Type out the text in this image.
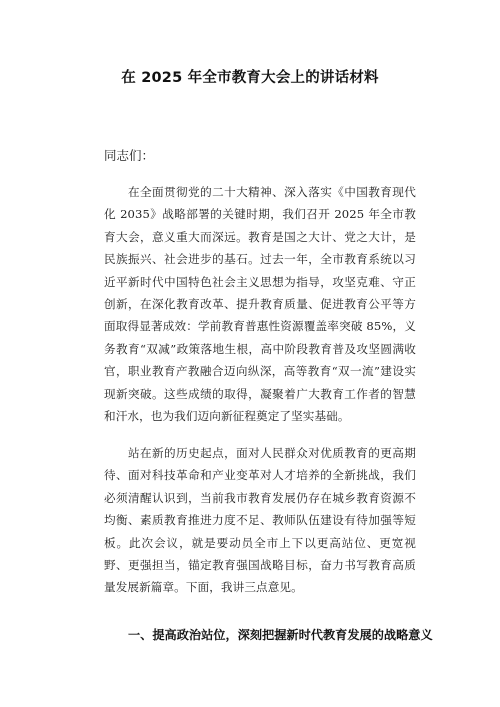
在 2025 年全市教育大会上的讲话材料

同志们：

在全面贯彻党的二十大精神、深入落实《中国教育现代化 2035》战略部署的关键时期，我们召开 2025 年全市教育大会，意义重大而深远。教育是国之大计、党之大计，是民族振兴、社会进步的基石。过去一年，全市教育系统以习近平新时代中国特色社会主义思想为指导，攻坚克难、守正创新，在深化教育改革、提升教育质量、促进教育公平等方面取得显著成效：学前教育普惠性资源覆盖率突破 85%，义务教育“双减”政策落地生根，高中阶段教育普及攻坚圆满收官，职业教育产教融合迈向纵深，高等教育“双一流”建设实现新突破。这些成绩的取得，凝聚着广大教育工作者的智慧和汗水，也为我们迈向新征程奠定了坚实基础。

站在新的历史起点，面对人民群众对优质教育的更高期待、面对科技革命和产业变革对人才培养的全新挑战，我们必须清醒认识到，当前我市教育发展仍存在城乡教育资源不均衡、素质教育推进力度不足、教师队伍建设有待加强等短板。此次会议，就是要动员全市上下以更高站位、更宽视野、更强担当，锚定教育强国战略目标，奋力书写教育高质量发展新篇章。下面，我讲三点意见。

一、提高政治站位，深刻把握新时代教育发展的战略意义
